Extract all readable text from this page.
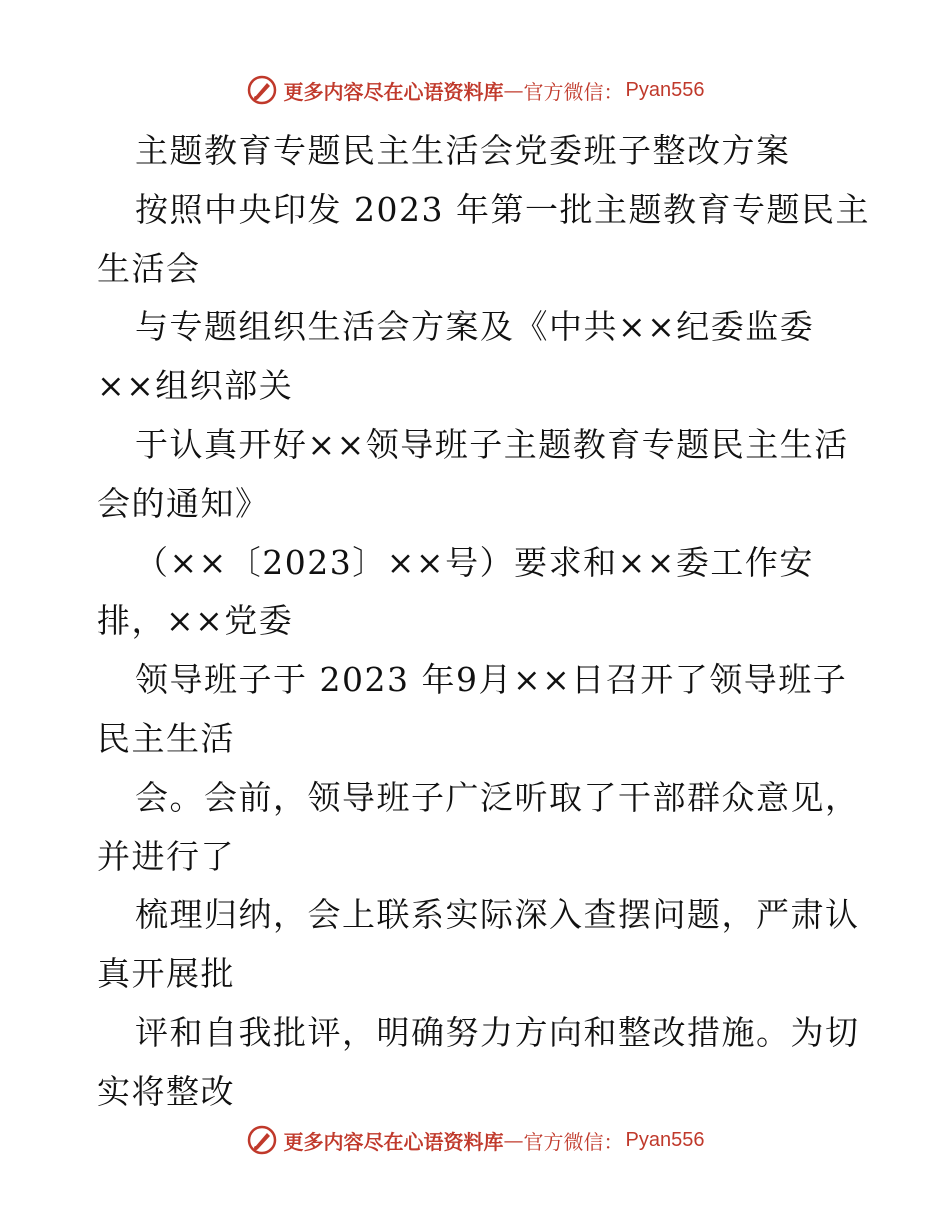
更多内容尽在心语资料库 — 官方微信： Pyan556
主题教育专题民主生活会党委班子整改方案
按照中央印发 2023 年第一批主题教育专题民主
生活会
与专题组织生活会方案及《中共××纪委监委
××组织部关
于认真开好××领导班子主题教育专题民主生活
会的通知》
（××〔2023〕××号）要求和××委工作安
排，××党委
领导班子于 2023 年9月××日召开了领导班子
民主生活
会。会前，领导班子广泛听取了干部群众意见，
并进行了
梳理归纳，会上联系实际深入查摆问题，严肃认
真开展批
评和自我批评，明确努力方向和整改措施。为切
实将整改
更多内容尽在心语资料库 — 官方微信： Pyan556
